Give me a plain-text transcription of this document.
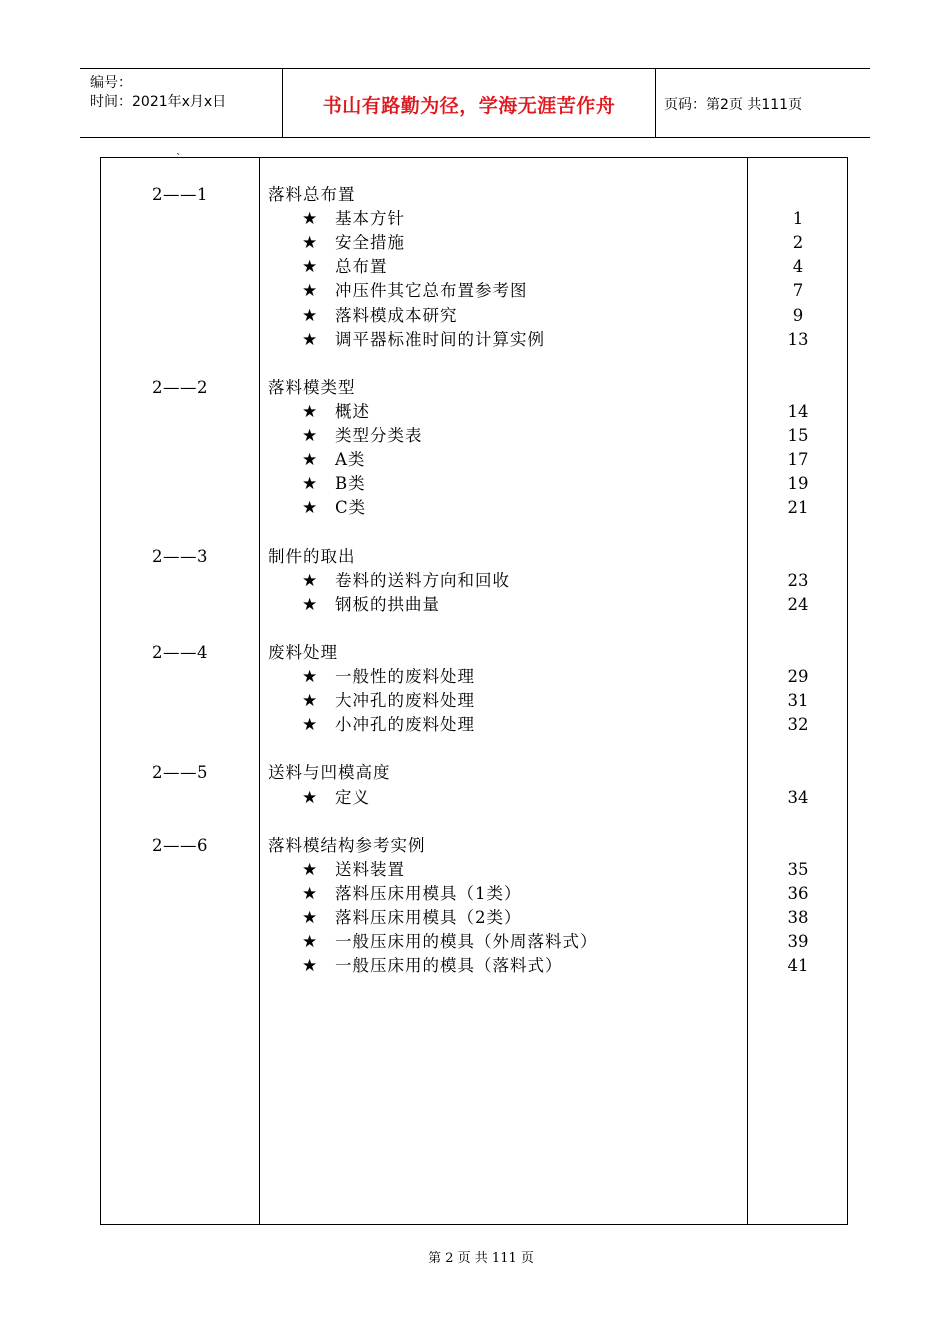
编号：
时间：2021年x月x日	书山有路勤为径，学海无涯苦作舟	页码：第2页 共111页
`
2——1	落料总布置
★ 基本方针	1
★ 安全措施	2
★ 总布置	4
★ 冲压件其它总布置参考图	7
★ 落料模成本研究	9
★ 调平器标准时间的计算实例	13
2——2	落料模类型
★ 概述	14
★ 类型分类表	15
★ A类	17
★ B类	19
★ C类	21
2——3	制件的取出
★ 卷料的送料方向和回收	23
★ 钢板的拱曲量	24
2——4	废料处理
★ 一般性的废料处理	29
★ 大冲孔的废料处理	31
★ 小冲孔的废料处理	32
2——5	送料与凹模高度
★ 定义	34
2——6	落料模结构参考实例
★ 送料装置	35
★ 落料压床用模具（1类）	36
★ 落料压床用模具（2类）	38
★ 一般压床用的模具（外周落料式）	39
★ 一般压床用的模具（落料式）	41
第 2 页 共 111 页
